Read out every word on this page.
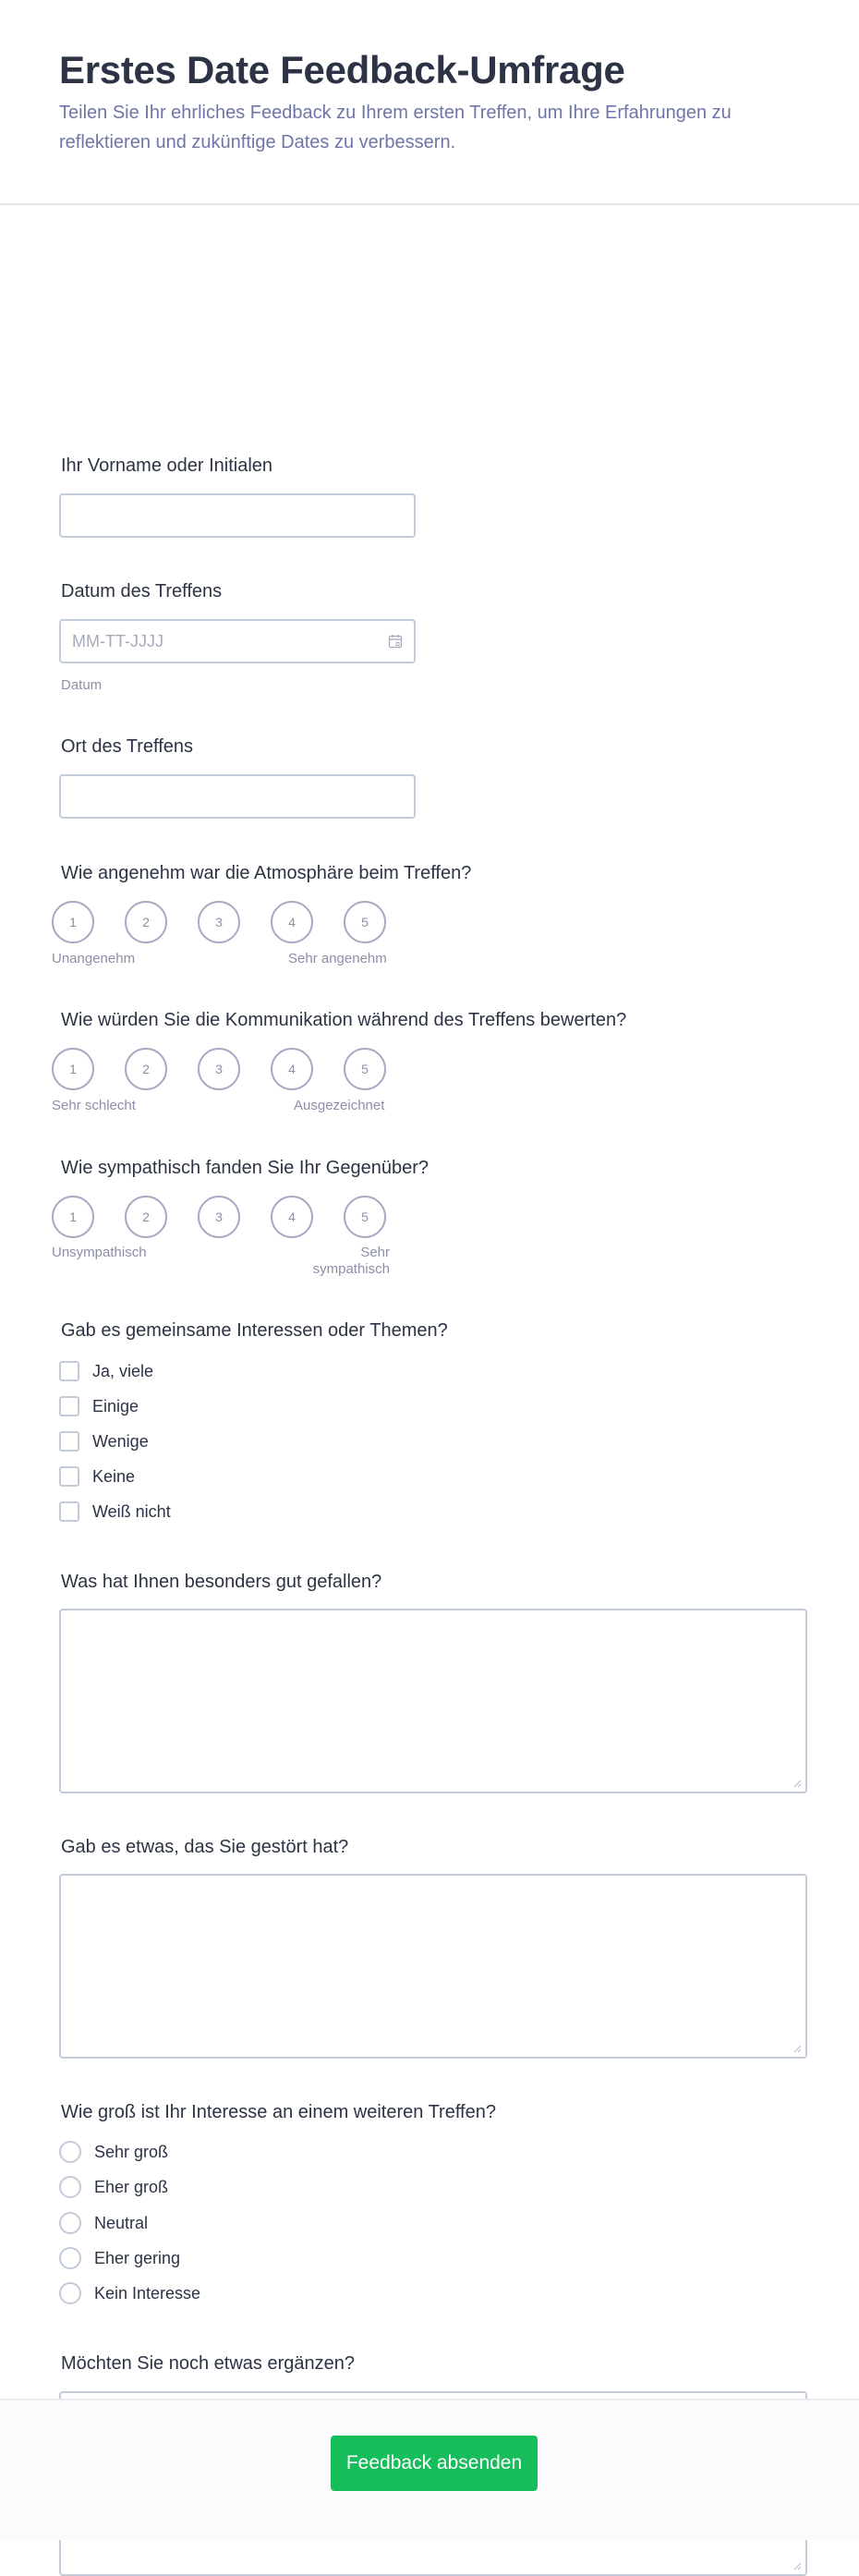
Erstes Date Feedback-Umfrage

Teilen Sie Ihr ehrliches Feedback zu Ihrem ersten Treffen, um Ihre Erfahrungen zu reflektieren und zukünftige Dates zu verbessern.

Ihr Vorname oder Initialen
Datum des Treffens
MM-TT-JJJJ
Datum
Ort des Treffens
Wie angenehm war die Atmosphäre beim Treffen?
1	2	3	4	5
Unangenehm	Sehr angenehm
Wie würden Sie die Kommunikation während des Treffens bewerten?
1	2	3	4	5
Sehr schlecht	Ausgezeichnet
Wie sympathisch fanden Sie Ihr Gegenüber?
1	2	3	4	5
Unsympathisch	Sehr
sympathisch
Gab es gemeinsame Interessen oder Themen?
Ja, viele
Einige
Wenige
Keine
Weiß nicht
Was hat Ihnen besonders gut gefallen?
Gab es etwas, das Sie gestört hat?
Wie groß ist Ihr Interesse an einem weiteren Treffen?
Sehr groß
Eher groß
Neutral
Eher gering
Kein Interesse
Möchten Sie noch etwas ergänzen?
Feedback absenden
